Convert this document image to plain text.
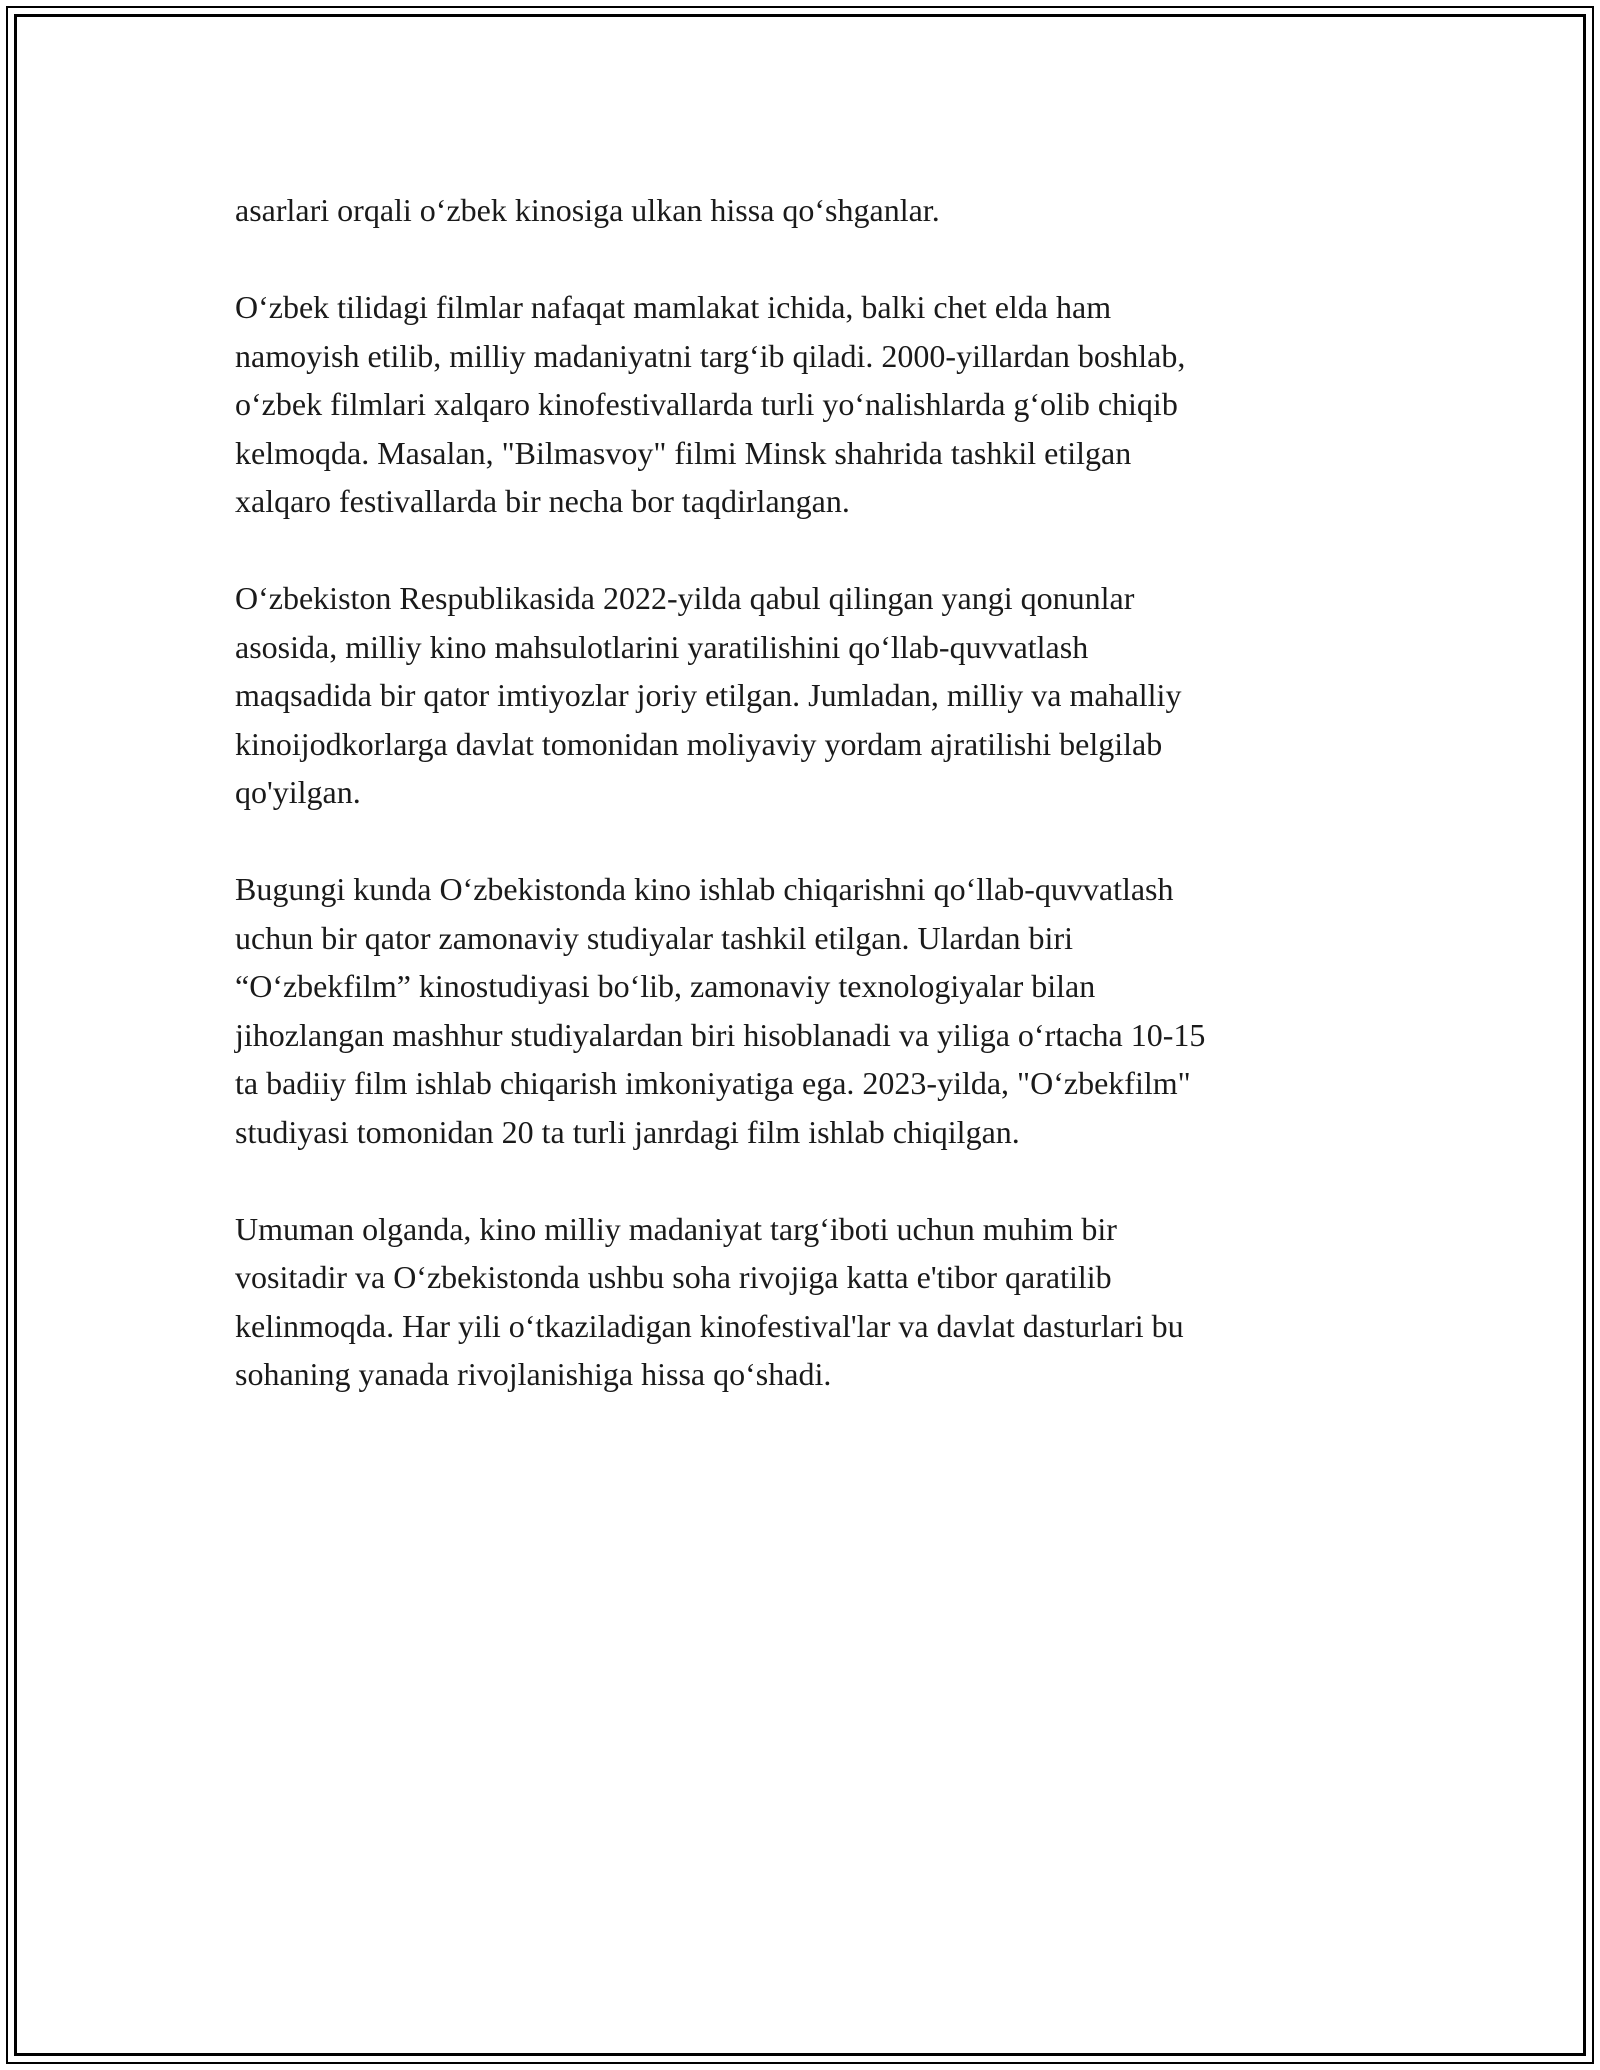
asarlari orqali o‘zbek kinosiga ulkan hissa qo‘shganlar.

O‘zbek tilidagi filmlar nafaqat mamlakat ichida, balki chet elda ham
namoyish etilib, milliy madaniyatni targ‘ib qiladi. 2000-yillardan boshlab,
o‘zbek filmlari xalqaro kinofestivallarda turli yo‘nalishlarda g‘olib chiqib
kelmoqda. Masalan, "Bilmasvoy" filmi Minsk shahrida tashkil etilgan
xalqaro festivallarda bir necha bor taqdirlangan.

O‘zbekiston Respublikasida 2022-yilda qabul qilingan yangi qonunlar
asosida, milliy kino mahsulotlarini yaratilishini qo‘llab-quvvatlash
maqsadida bir qator imtiyozlar joriy etilgan. Jumladan, milliy va mahalliy
kinoijodkorlarga davlat tomonidan moliyaviy yordam ajratilishi belgilab
qo'yilgan.

Bugungi kunda O‘zbekistonda kino ishlab chiqarishni qo‘llab-quvvatlash
uchun bir qator zamonaviy studiyalar tashkil etilgan. Ulardan biri
“O‘zbekfilm” kinostudiyasi bo‘lib, zamonaviy texnologiyalar bilan
jihozlangan mashhur studiyalardan biri hisoblanadi va yiliga o‘rtacha 10-15
ta badiiy film ishlab chiqarish imkoniyatiga ega. 2023-yilda, "O‘zbekfilm"
studiyasi tomonidan 20 ta turli janrdagi film ishlab chiqilgan.

Umuman olganda, kino milliy madaniyat targ‘iboti uchun muhim bir
vositadir va O‘zbekistonda ushbu soha rivojiga katta e'tibor qaratilib
kelinmoqda. Har yili o‘tkaziladigan kinofestival'lar va davlat dasturlari bu
sohaning yanada rivojlanishiga hissa qo‘shadi.
